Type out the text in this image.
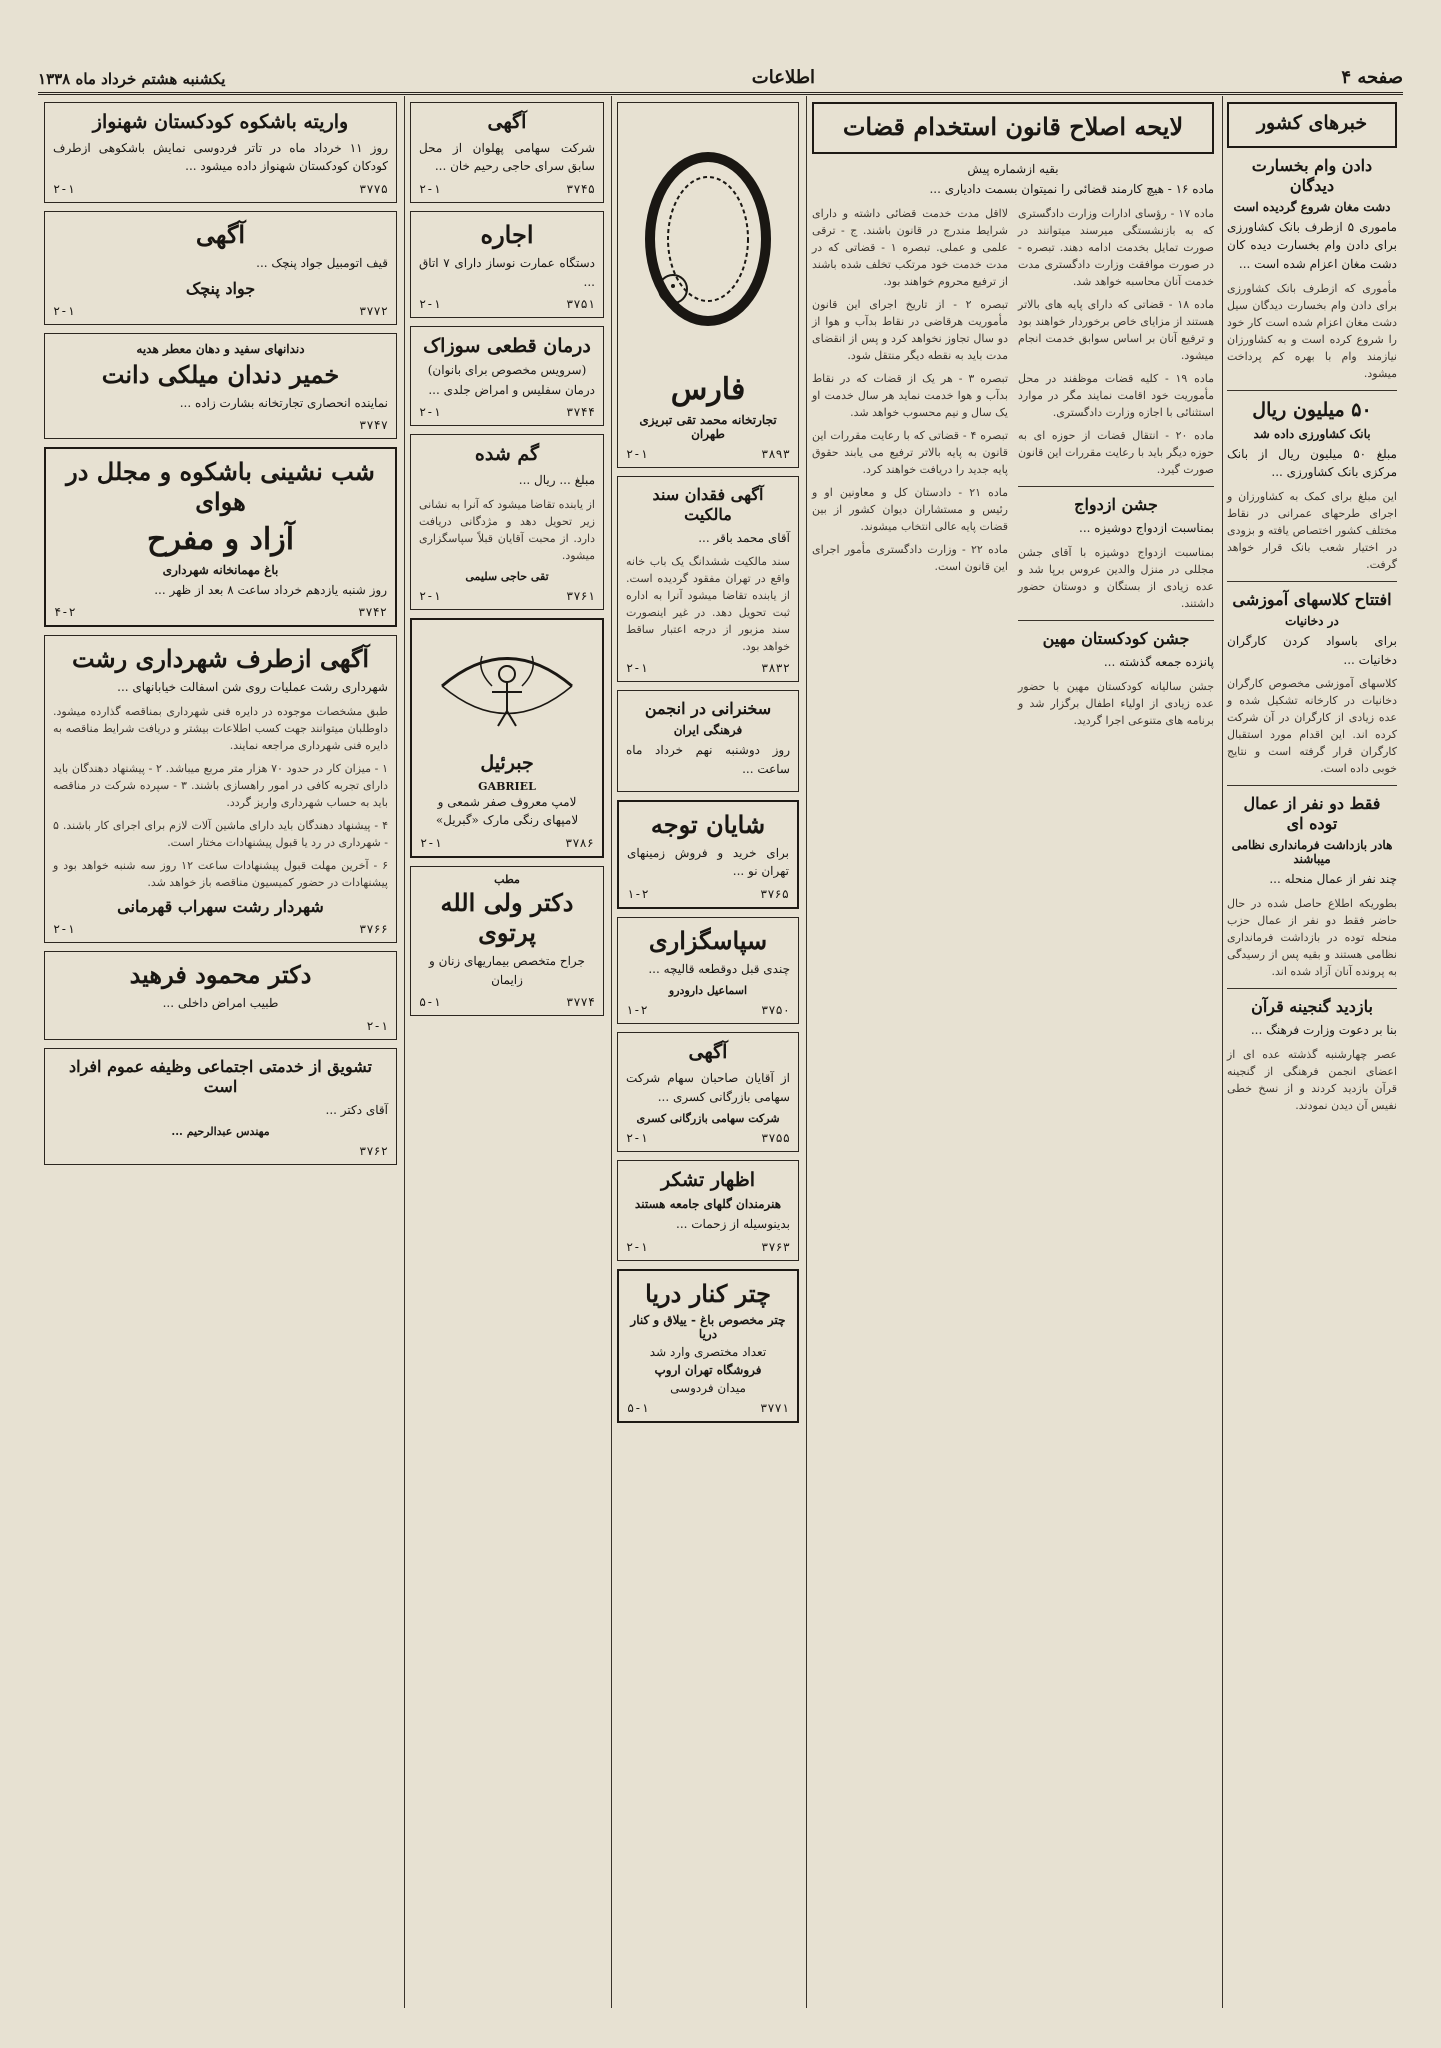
صفحه ۴
اطلاعات
یکشنبه هشتم خرداد ماه ۱۳۳۸
خبرهای کشور
دادن وام بخسارت دیدگان
دشت مغان شروع گردیده است

ماموری ۵ ازطرف بانک کشاورزی برای دادن وام بخسارت دیده کان دشت مغان اعزام شده است ...

مأموری که ازطرف بانک کشاورزی برای دادن وام بخسارت دیدگان سیل دشت مغان اعزام شده است کار خود را شروع کرده است و به کشاورزان نیازمند وام با بهره کم پرداخت میشود.

۵۰ میلیون ریال
بانک کشاورزی داده شد

مبلغ ۵۰ میلیون ریال از بانک مرکزی بانک کشاورزی ...

این مبلغ برای کمک به کشاورزان و اجرای طرحهای عمرانی در نقاط مختلف کشور اختصاص یافته و بزودی در اختیار شعب بانک قرار خواهد گرفت.

افتتاح کلاسهای آموزشی
در دخانیات

برای باسواد کردن کارگران دخانیات ...

کلاسهای آموزشی مخصوص کارگران دخانیات در کارخانه تشکیل شده و عده زیادی از کارگران در آن شرکت کرده اند. این اقدام مورد استقبال کارگران قرار گرفته است و نتایج خوبی داده است.

فقط دو نفر از عمال توده ای
هادر بازداشت فرمانداری نظامی میباشند

چند نفر از عمال منحله ...

بطوریکه اطلاع حاصل شده در حال حاضر فقط دو نفر از عمال حزب منحله توده در بازداشت فرمانداری نظامی هستند و بقیه پس از رسیدگی به پرونده آنان آزاد شده اند.

بازدید گنجینه قرآن

بنا بر دعوت وزارت فرهنگ ...

عصر چهارشنبه گذشته عده ای از اعضای انجمن فرهنگی از گنجینه قرآن بازدید کردند و از نسخ خطی نفیس آن دیدن نمودند.

لایحه اصلاح قانون استخدام قضات
بقیه ازشماره پیش

ماده ۱۶ - هیچ کارمند قضائی را نمیتوان بسمت دادیاری ...

ماده ۱۷ - رؤسای ادارات وزارت دادگستری که به بازنشستگی میرسند میتوانند در صورت تمایل بخدمت ادامه دهند. تبصره - در صورت موافقت وزارت دادگستری مدت خدمت آنان محاسبه خواهد شد.

ماده ۱۸ - قضاتی که دارای پایه های بالاتر هستند از مزایای خاص برخوردار خواهند بود و ترفیع آنان بر اساس سوابق خدمت انجام میشود.

ماده ۱۹ - کلیه قضات موظفند در محل مأموریت خود اقامت نمایند مگر در موارد استثنائی با اجازه وزارت دادگستری.

ماده ۲۰ - انتقال قضات از حوزه ای به حوزه دیگر باید با رعایت مقررات این قانون صورت گیرد.

جشن ازدواج

بمناسبت ازدواج دوشیزه ...

بمناسبت ازدواج دوشیزه با آقای جشن مجللی در منزل والدین عروس برپا شد و عده زیادی از بستگان و دوستان حضور داشتند.

جشن کودکستان مهین

پانزده جمعه گذشته ...

جشن سالیانه کودکستان مهین با حضور عده زیادی از اولیاء اطفال برگزار شد و برنامه های متنوعی اجرا گردید.

لااقل مدت خدمت قضائی داشته و دارای شرایط مندرج در قانون باشند. ج - ترقی علمی و عملی. تبصره ۱ - قضاتی که در مدت خدمت خود مرتکب تخلف شده باشند از ترفیع محروم خواهند بود.

تبصره ۲ - از تاریخ اجرای این قانون مأموریت هرقاضی در نقاط بدآب و هوا از دو سال تجاوز نخواهد کرد و پس از انقضای مدت باید به نقطه دیگر منتقل شود.

تبصره ۳ - هر یک از قضات که در نقاط بدآب و هوا خدمت نماید هر سال خدمت او یک سال و نیم محسوب خواهد شد.

تبصره ۴ - قضاتی که با رعایت مقررات این قانون به پایه بالاتر ترفیع می یابند حقوق پایه جدید را دریافت خواهند کرد.

ماده ۲۱ - دادستان کل و معاونین او و رئیس و مستشاران دیوان کشور از بین قضات پایه عالی انتخاب میشوند.

ماده ۲۲ - وزارت دادگستری مأمور اجرای این قانون است.

فارس
تجارتخانه محمد تقی تبریزی طهران
۲-۱	۳۸۹۳
آگهی فقدان سند مالکیت

آقای محمد باقر ...

سند مالکیت ششدانگ یک باب خانه واقع در تهران مفقود گردیده است. از یابنده تقاضا میشود آنرا به اداره ثبت تحویل دهد. در غیر اینصورت سند مزبور از درجه اعتبار ساقط خواهد بود.

۲-۱	۳۸۳۲
سخنرانی در انجمن
فرهنگی ایران

روز دوشنبه نهم خرداد ماه ساعت ...

شایان توجه

برای خرید و فروش زمینهای تهران نو ...

۱-۲	۳۷۶۵
سپاسگزاری

چندی قبل دوقطعه قالیچه ...

اسماعیل دارودرو
۱-۲	۳۷۵۰
آگهی

از آقایان صاحبان سهام شرکت سهامی بازرگانی کسری ...

شرکت سهامی بازرگانی کسری
۲-۱	۳۷۵۵
اظهار تشکر
هنرمندان گلهای جامعه هستند

بدینوسیله از زحمات ...

۲-۱	۳۷۶۳
چتر کنار دریا
چتر مخصوص باغ - ییلاق و کنار دریا
تعداد مختصری وارد شد
فروشگاه تهران اروپ
میدان فردوسی
۵-۱	۳۷۷۱
آگهی

شرکت سهامی پهلوان از محل سابق سرای حاجی رحیم خان ...

۲-۱	۳۷۴۵
اجاره

دستگاه عمارت نوساز دارای ۷ اتاق ...

۲-۱	۳۷۵۱
درمان قطعی سوزاک
(سرویس مخصوص برای بانوان)

درمان سفلیس و امراض جلدی ...

۲-۱	۳۷۴۴
گم شده

مبلغ ... ریال ...

از یابنده تقاضا میشود که آنرا به نشانی زیر تحویل دهد و مژدگانی دریافت دارد. از محبت آقایان قبلاً سپاسگزاری میشود.

تقی حاجی سلیمی
۲-۱	۳۷۶۱
جبرئیل
GABRIEL

لامپ معروف صفر شمعی و لامپهای رنگی مارک «گبریل»

۲-۱	۳۷۸۶
مطب
دکتر ولی الله پرتوی

جراح متخصص بیماریهای زنان و زایمان

۵-۱	۳۷۷۴
واریته باشکوه کودکستان شهنواز

روز ۱۱ خرداد ماه در تاتر فردوسی نمایش باشکوهی ازطرف کودکان کودکستان شهنواز داده میشود ...

۲-۱	۳۷۷۵
آگهی

قیف اتومبیل جواد پنچک ...

جواد پنچک
۲-۱	۳۷۷۲
دندانهای سفید و دهان معطر هدیه
خمیر دندان میلکی دانت

نماینده انحصاری تجارتخانه بشارت زاده ...

۳۷۴۷
شب نشینی باشکوه و مجلل در هوای
آزاد و مفرح
باغ مهمانخانه شهرداری

روز شنبه یازدهم خرداد ساعت ۸ بعد از ظهر ...

۴-۲	۳۷۴۲
آگهی ازطرف شهرداری رشت

شهرداری رشت عملیات روی شن اسفالت خیابانهای ...

طبق مشخصات موجوده در دایره فنی شهرداری بمناقصه گذارده میشود. داوطلبان میتوانند جهت کسب اطلاعات بیشتر و دریافت شرایط مناقصه به دایره فنی شهرداری مراجعه نمایند.

۱ - میزان کار در حدود ۷۰ هزار متر مربع میباشد. ۲ - پیشنهاد دهندگان باید دارای تجربه کافی در امور راهسازی باشند. ۳ - سپرده شرکت در مناقصه باید به حساب شهرداری واریز گردد.

۴ - پیشنهاد دهندگان باید دارای ماشین آلات لازم برای اجرای کار باشند. ۵ - شهرداری در رد یا قبول پیشنهادات مختار است.

۶ - آخرین مهلت قبول پیشنهادات ساعت ۱۲ روز سه شنبه خواهد بود و پیشنهادات در حضور کمیسیون مناقصه باز خواهد شد.

شهردار رشت سهراب قهرمانی
۲-۱	۳۷۶۶
دکتر محمود فرهید

طبیب امراض داخلی ...

۲-۱
تشویق از خدمتی اجتماعی وظیفه عموم افراد است

آقای دکتر ...

مهندس عبدالرحیم ...
۳۷۶۲
